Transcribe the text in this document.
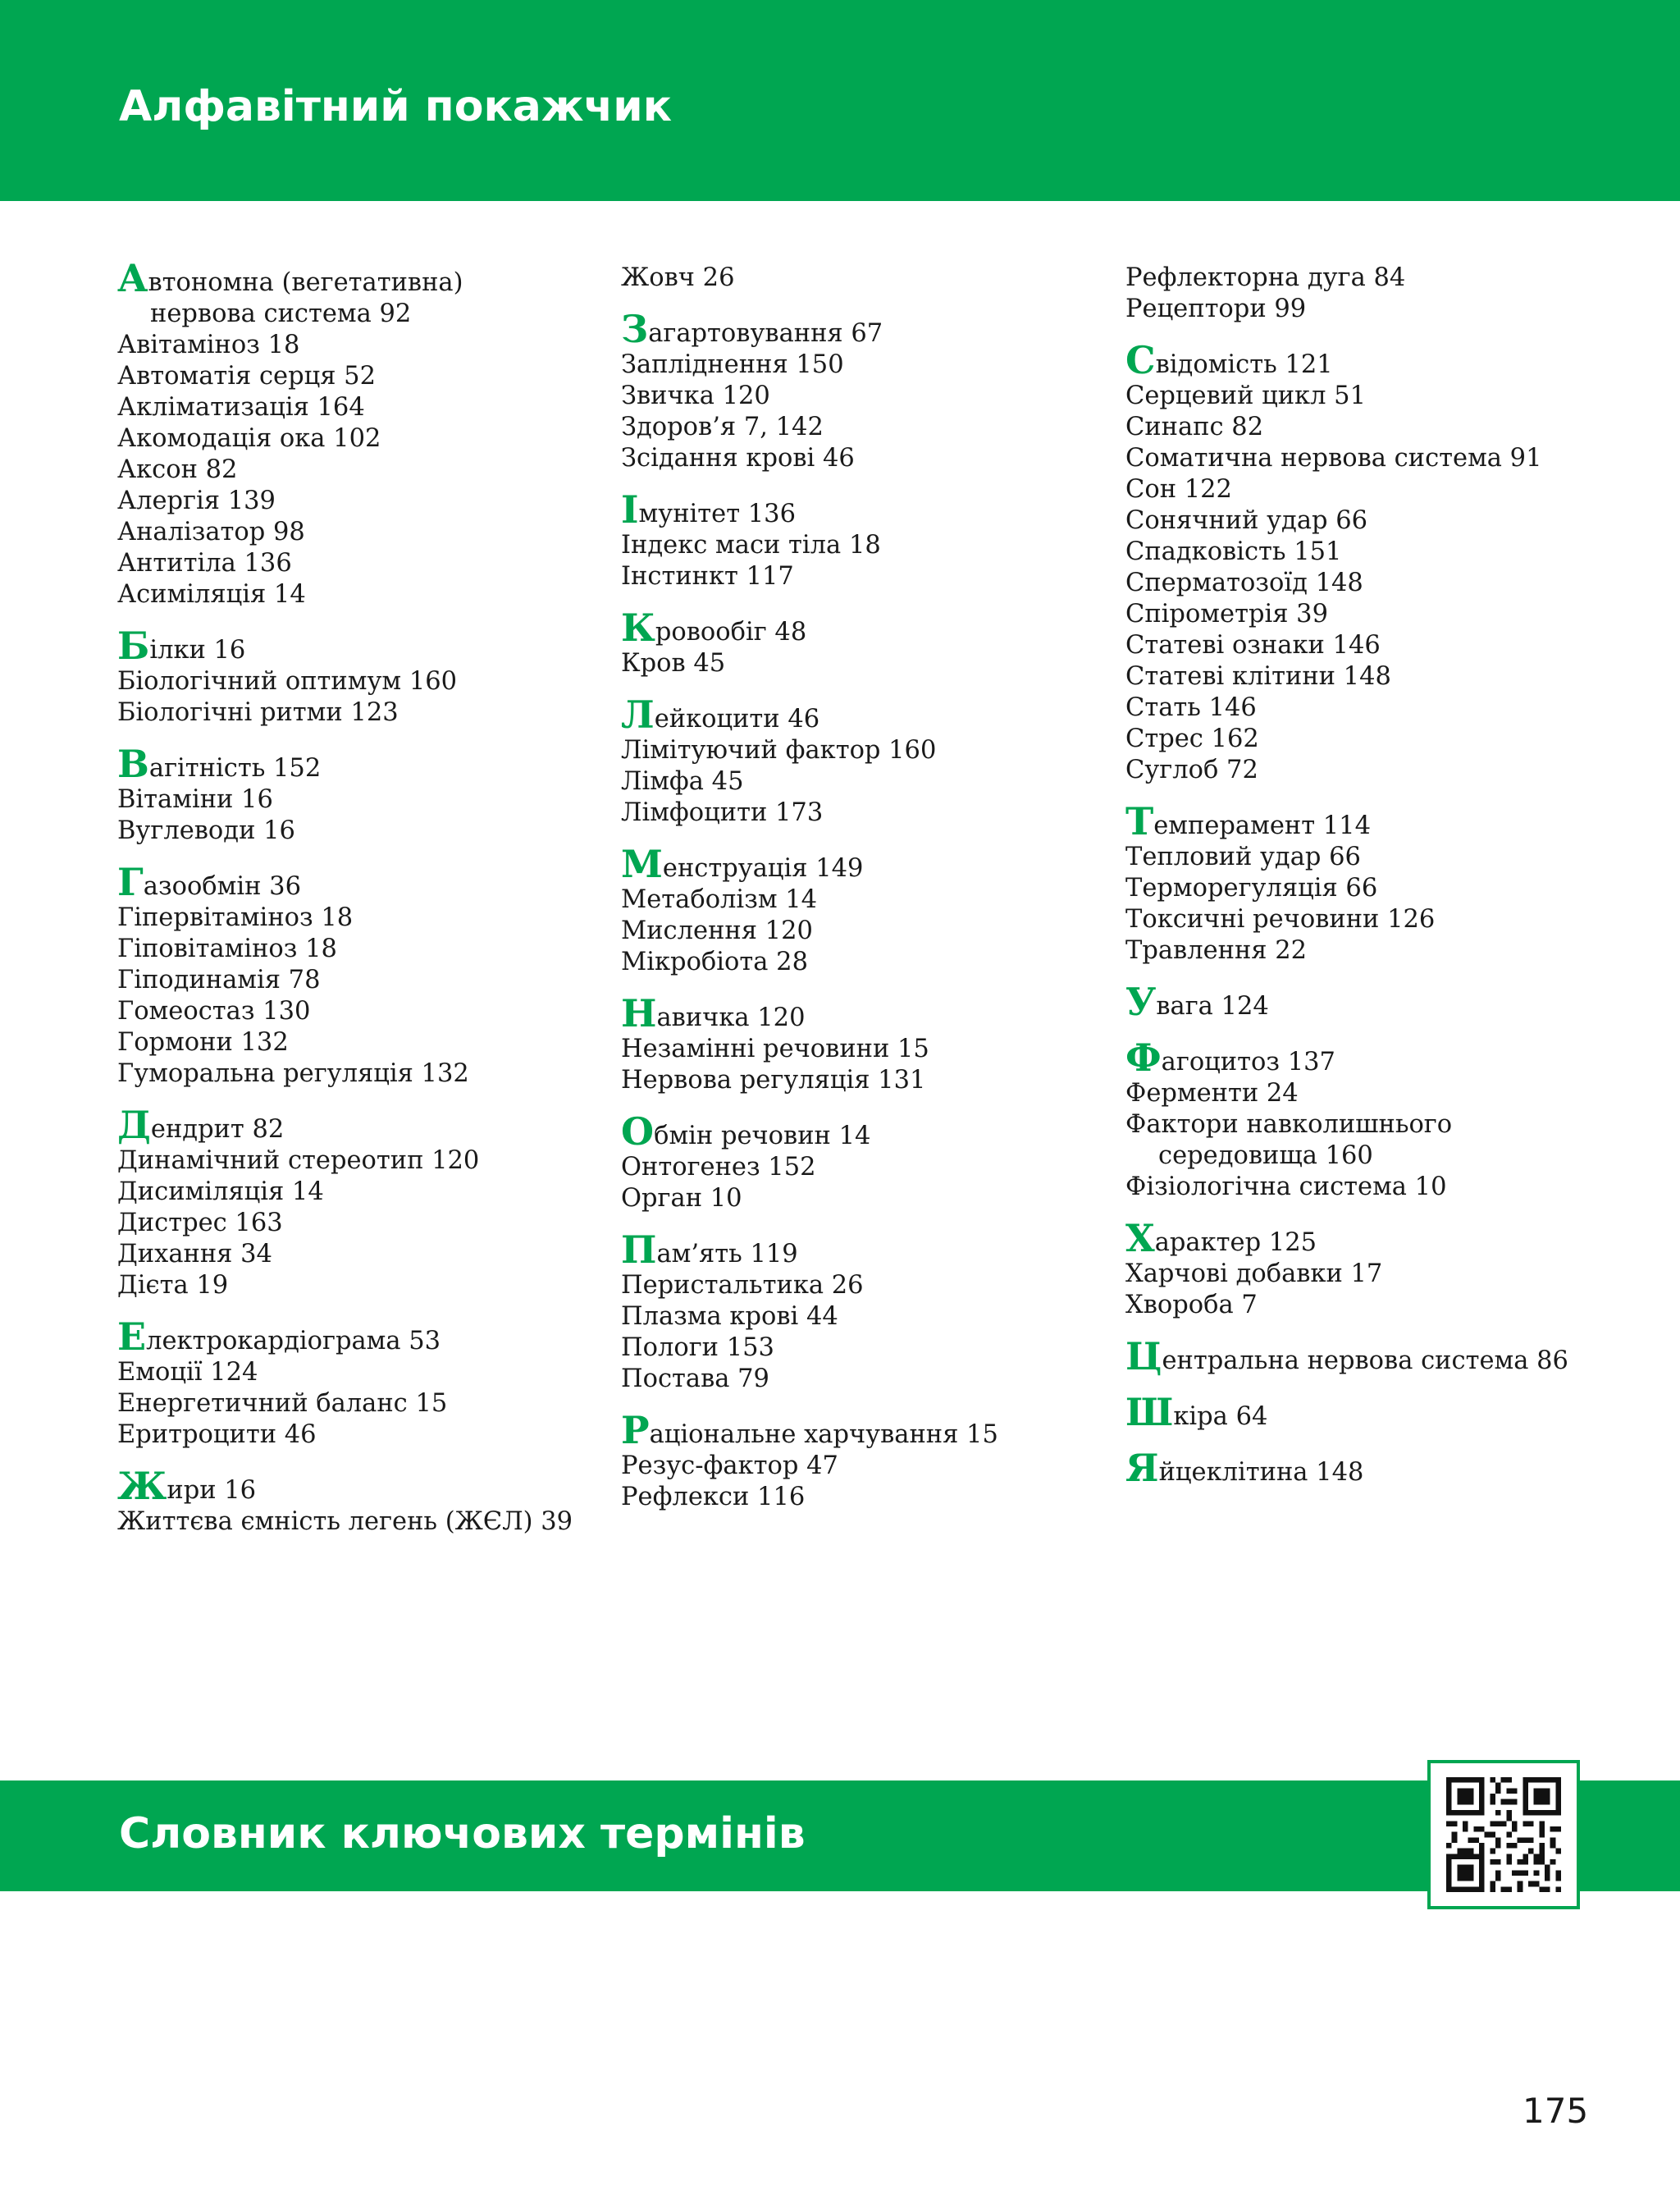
Алфавітний покажчик
Автономна (вегетативна)
нервова система 92
Авітаміноз 18
Автоматія серця 52
Акліматизація 164
Акомодація ока 102
Аксон 82
Алергія 139
Аналізатор 98
Антитіла 136
Асиміляція 14
Білки 16
Біологічний оптимум 160
Біологічні ритми 123
Вагітність 152
Вітаміни 16
Вуглеводи 16
Газообмін 36
Гіпервітаміноз 18
Гіповітаміноз 18
Гіподинамія 78
Гомеостаз 130
Гормони 132
Гуморальна регуляція 132
Дендрит 82
Динамічний стереотип 120
Дисиміляція 14
Дистрес 163
Дихання 34
Дієта 19
Електрокардіограма 53
Емоції 124
Енергетичний баланс 15
Еритроцити 46
Жири 16
Життєва ємність легень (ЖЄЛ) 39
Жовч 26
Загартовування 67
Запліднення 150
Звичка 120
Здоров’я 7, 142
Зсідання крові 46
Імунітет 136
Індекс маси тіла 18
Інстинкт 117
Кровообіг 48
Кров 45
Лейкоцити 46
Лімітуючий фактор 160
Лімфа 45
Лімфоцити 173
Менструація 149
Метаболізм 14
Мислення 120
Мікробіота 28
Навичка 120
Незамінні речовини 15
Нервова регуляція 131
Обмін речовин 14
Онтогенез 152
Орган 10
Пам’ять 119
Перистальтика 26
Плазма крові 44
Пологи 153
Постава 79
Раціональне харчування 15
Резус-фактор 47
Рефлекси 116
Рефлекторна дуга 84
Рецептори 99
Свідомість 121
Серцевий цикл 51
Синапс 82
Соматична нервова система 91
Сон 122
Сонячний удар 66
Спадковість 151
Сперматозоїд 148
Спірометрія 39
Статеві ознаки 146
Статеві клітини 148
Стать 146
Стрес 162
Суглоб 72
Темперамент 114
Тепловий удар 66
Терморегуляція 66
Токсичні речовини 126
Травлення 22
Увага 124
Фагоцитоз 137
Ферменти 24
Фактори навколишнього
середовища 160
Фізіологічна система 10
Характер 125
Харчові добавки 17
Хвороба 7
Центральна нервова система 86
Шкіра 64
Яйцеклітина 148
Словник ключових термінів
175
